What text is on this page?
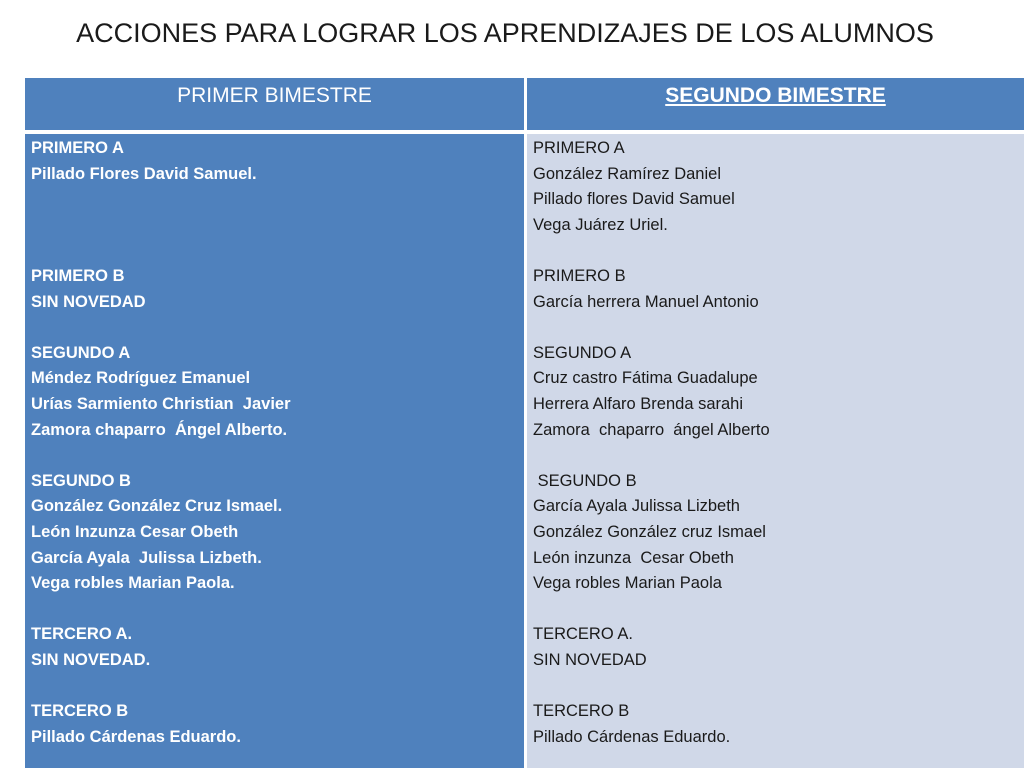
ACCIONES PARA LOGRAR LOS APRENDIZAJES DE LOS ALUMNOS
PRIMER BIMESTRE	SEGUNDO BIMESTRE
PRIMERO A
Pillado Flores David Samuel.
PRIMERO B
SIN NOVEDAD
SEGUNDO A
Méndez Rodríguez Emanuel
Urías Sarmiento Christian  Javier
Zamora chaparro  Ángel Alberto.
SEGUNDO B
González González Cruz Ismael.
León Inzunza Cesar Obeth
García Ayala  Julissa Lizbeth.
Vega robles Marian Paola.
TERCERO A.
SIN NOVEDAD.
TERCERO B
Pillado Cárdenas Eduardo.
PRIMERO A
González Ramírez Daniel
Pillado flores David Samuel
Vega Juárez Uriel.
PRIMERO B
García herrera Manuel Antonio
SEGUNDO A
Cruz castro Fátima Guadalupe
Herrera Alfaro Brenda sarahi
Zamora  chaparro  ángel Alberto
SEGUNDO B
García Ayala Julissa Lizbeth
González González cruz Ismael
León inzunza  Cesar Obeth
Vega robles Marian Paola
TERCERO A.
SIN NOVEDAD
TERCERO B
Pillado Cárdenas Eduardo.
